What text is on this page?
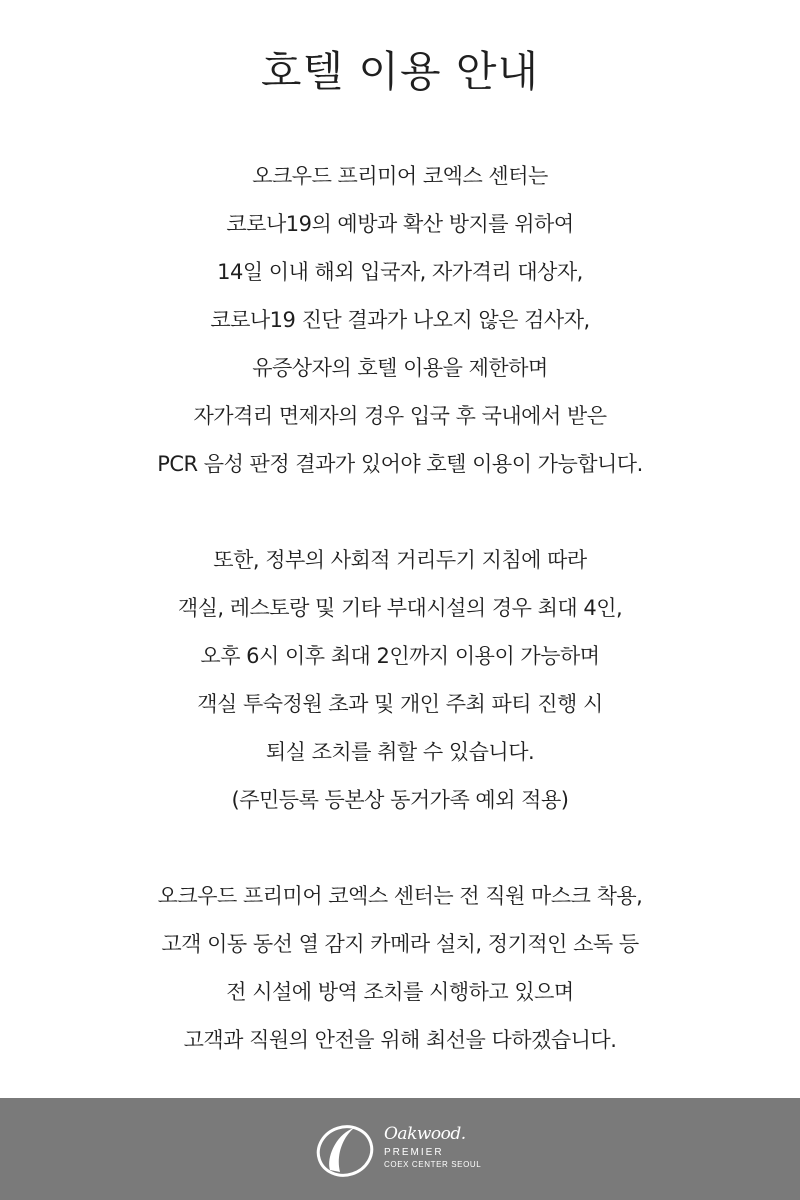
호텔 이용 안내
오크우드 프리미어 코엑스 센터는
코로나19의 예방과 확산 방지를 위하여
14일 이내 해외 입국자, 자가격리 대상자,
코로나19 진단 결과가 나오지 않은 검사자,
유증상자의 호텔 이용을 제한하며
자가격리 면제자의 경우 입국 후 국내에서 받은
PCR 음성 판정 결과가 있어야 호텔 이용이 가능합니다.
또한, 정부의 사회적 거리두기 지침에 따라
객실, 레스토랑 및 기타 부대시설의 경우 최대 4인,
오후 6시 이후 최대 2인까지 이용이 가능하며
객실 투숙정원 초과 및 개인 주최 파티 진행 시
퇴실 조치를 취할 수 있습니다.
(주민등록 등본상 동거가족 예외 적용)
오크우드 프리미어 코엑스 센터는 전 직원 마스크 착용,
고객 이동 동선 열 감지 카메라 설치, 정기적인 소독 등
전 시설에 방역 조치를 시행하고 있으며
고객과 직원의 안전을 위해 최선을 다하겠습니다.
Oakwood.
PREMIER
COEX CENTER SEOUL
